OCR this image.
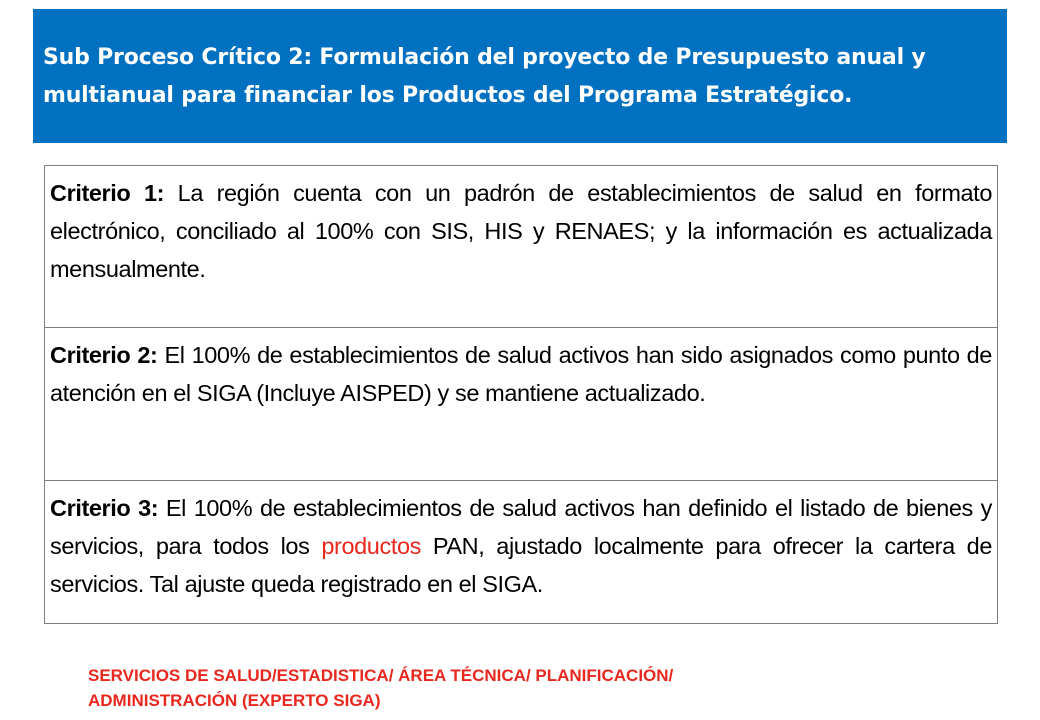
Sub Proceso Crítico 2: Formulación del proyecto de Presupuesto anual y
multianual para financiar los Productos del Programa Estratégico.
Criterio 1: La región cuenta con un padrón de establecimientos de salud en formato electrónico, conciliado al 100% con SIS, HIS y RENAES; y la información es actualizada mensualmente.
Criterio 2: El 100% de establecimientos de salud activos han sido asignados como punto de atención en el SIGA (Incluye AISPED) y se mantiene actualizado.
Criterio 3: El 100% de establecimientos de salud activos han definido el listado de bienes y servicios, para todos los productos PAN, ajustado localmente para ofrecer la cartera de servicios. Tal ajuste queda registrado en el SIGA.

SERVICIOS DE SALUD/ESTADISTICA/ ÁREA TÉCNICA/ PLANIFICACIÓN/
ADMINISTRACIÓN (EXPERTO SIGA)
